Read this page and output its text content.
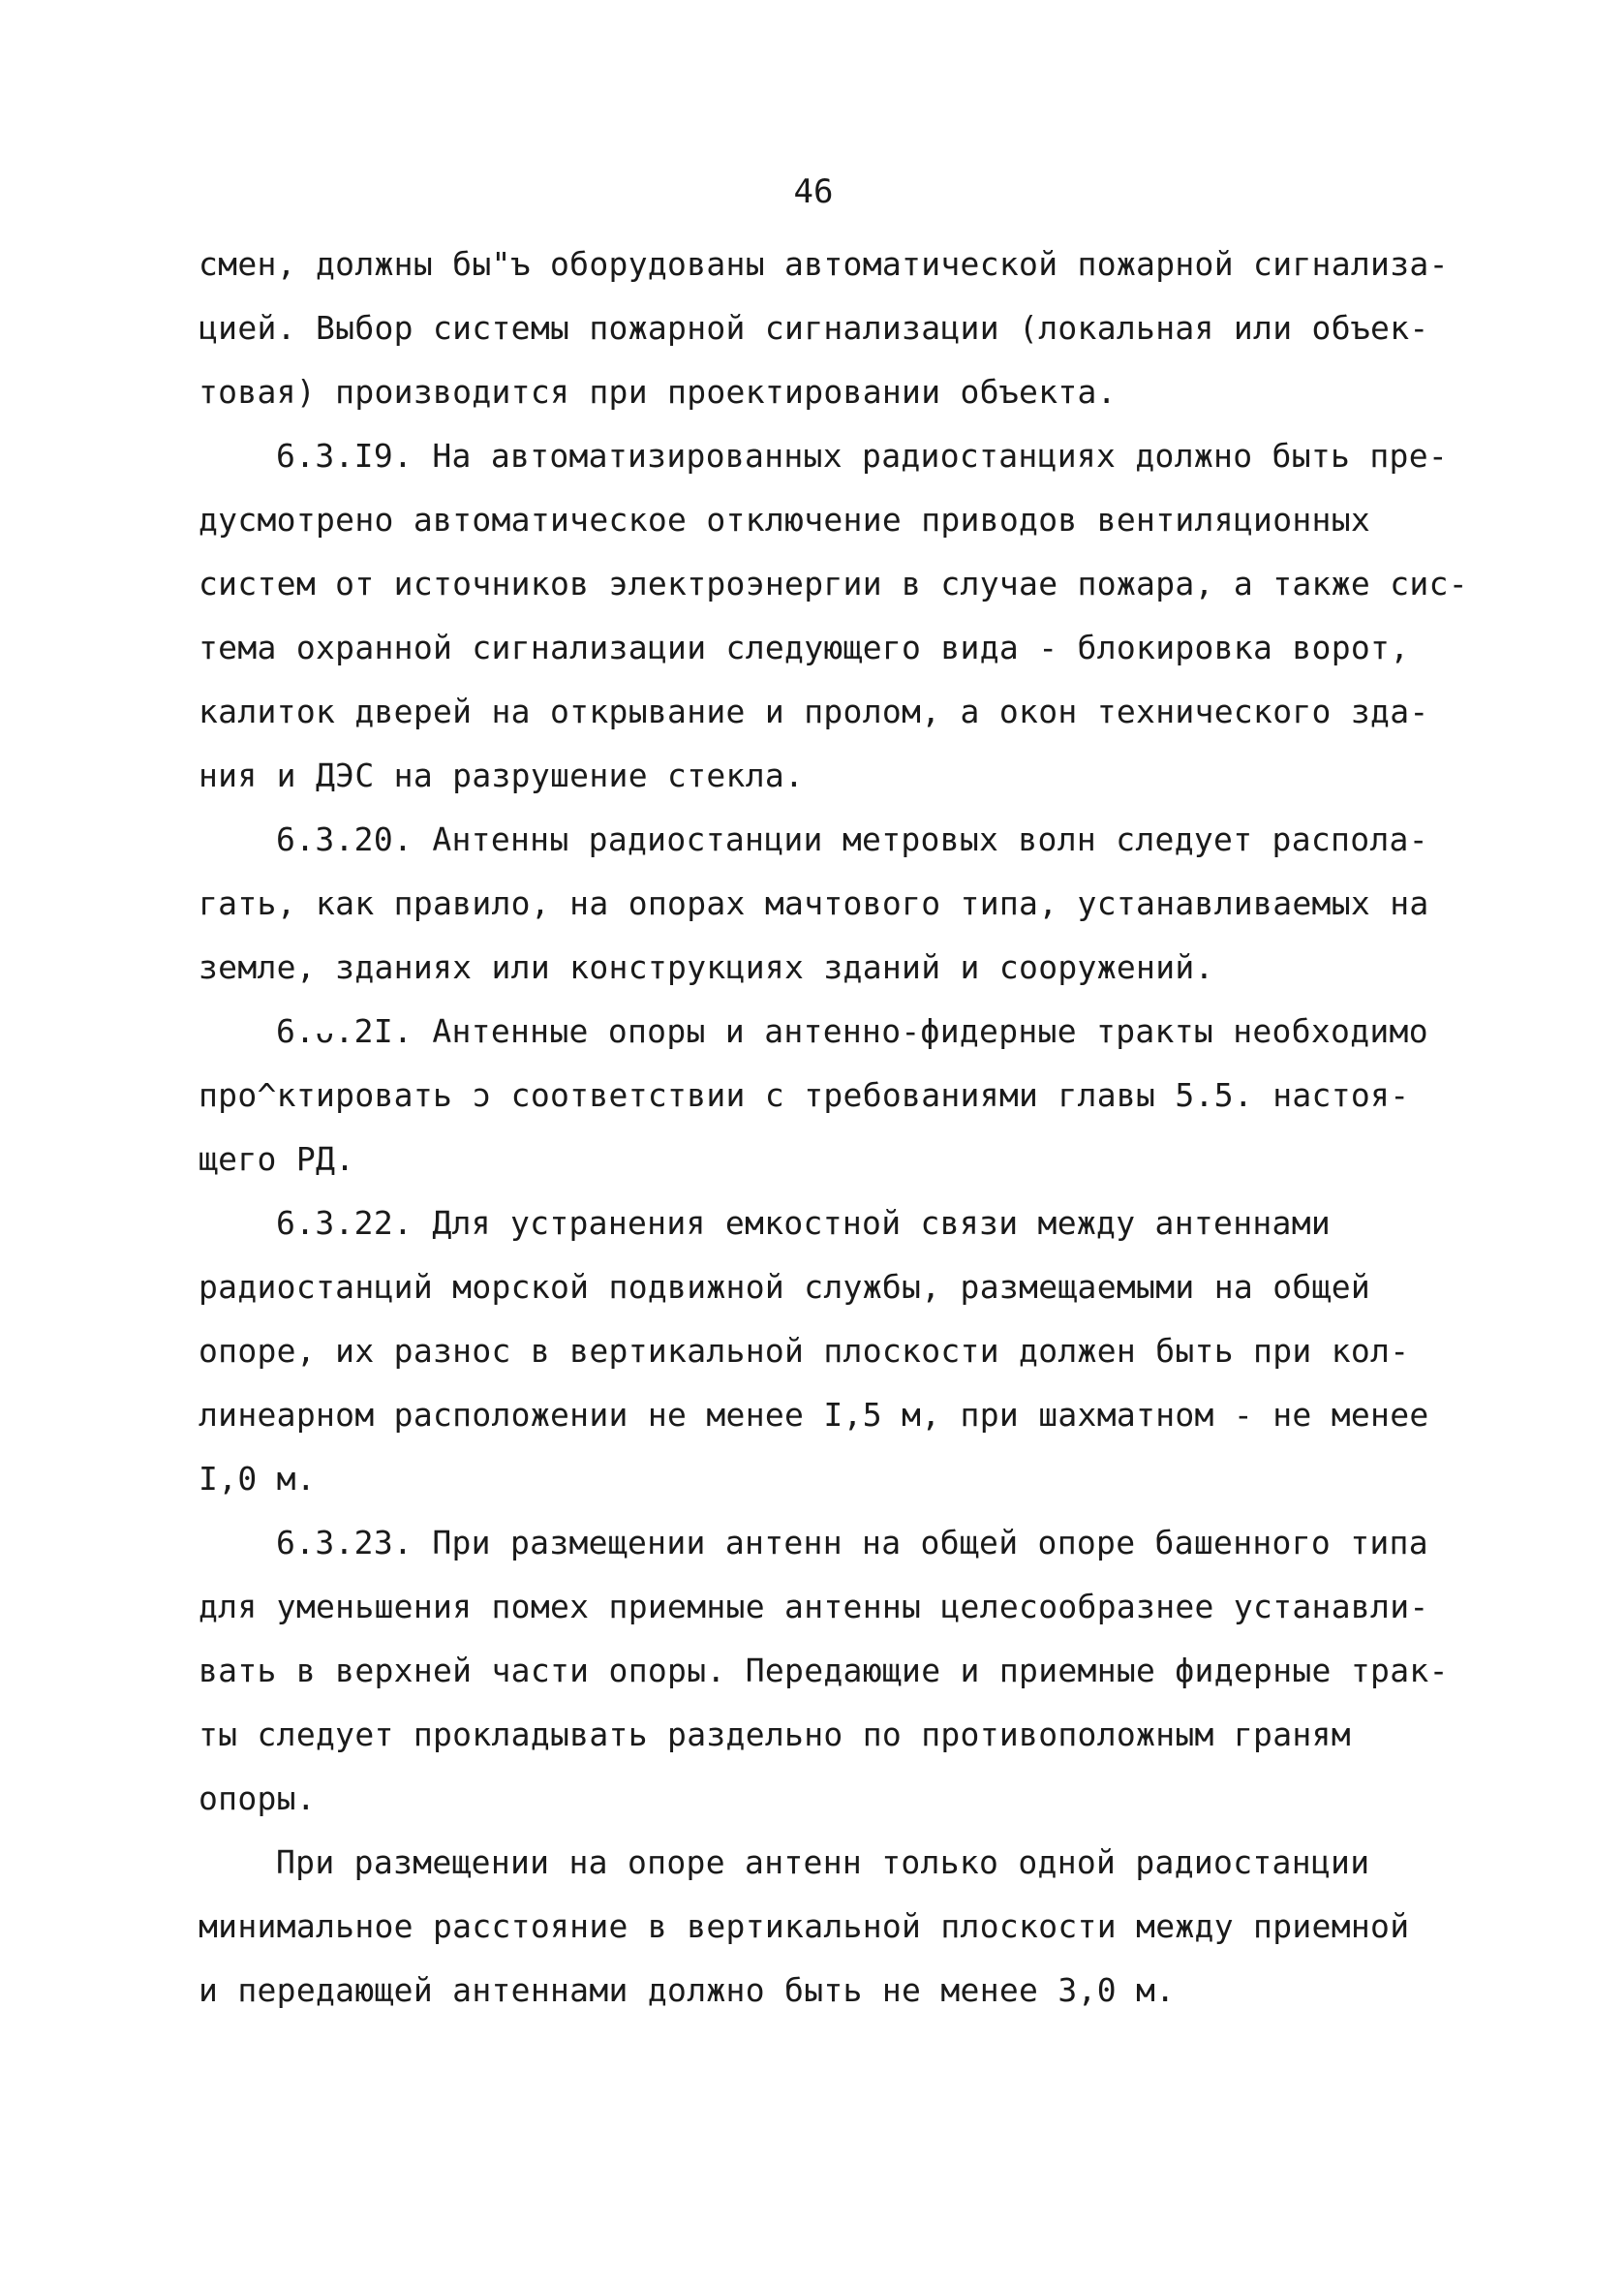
46
смен, должны бы"ъ оборудованы автоматической пожарной сигнализа-
цией. Выбор системы пожарной сигнализации (локальная или объек-
товая) производится при проектировании объекта.
6.3.I9. На автоматизированных радиостанциях должно быть пре-
дусмотрено автоматическое отключение приводов вентиляционных
систем от источников электроэнергии в случае пожара, а также сис-
тема охранной сигнализации следующего вида - блокировка ворот,
калиток дверей на открывание и пролом, а окон технического зда-
ния и ДЭС на разрушение стекла.
6.3.20. Антенны радиостанции метровых волн следует распола-
гать, как правило, на опорах мачтового типа, устанавливаемых на
земле, зданиях или конструкциях зданий и сооружений.
6.ᴗ.2I. Антенные опоры и антенно-фидерные тракты необходимо
про^ктировать ͻ соответствии с требованиями главы 5.5. настоя-
щего РД.
6.3.22. Для устранения емкостной связи между антеннами
радиостанций морской подвижной службы, размещаемыми на общей
опоре, их разнос в вертикальной плоскости должен быть при кол-
линеарном расположении не менее I,5 м, при шахматном - не менее
I,0 м.
6.3.23. При размещении антенн на общей опоре башенного типа
для уменьшения помех приемные антенны целесообразнее устанавли-
вать в верхней части опоры. Передающие и приемные фидерные трак-
ты следует прокладывать раздельно по противоположным граням
опоры.
При размещении на опоре антенн только одной радиостанции
минимальное расстояние в вертикальной плоскости между приемной
и передающей антеннами должно быть не менее 3,0 м.
